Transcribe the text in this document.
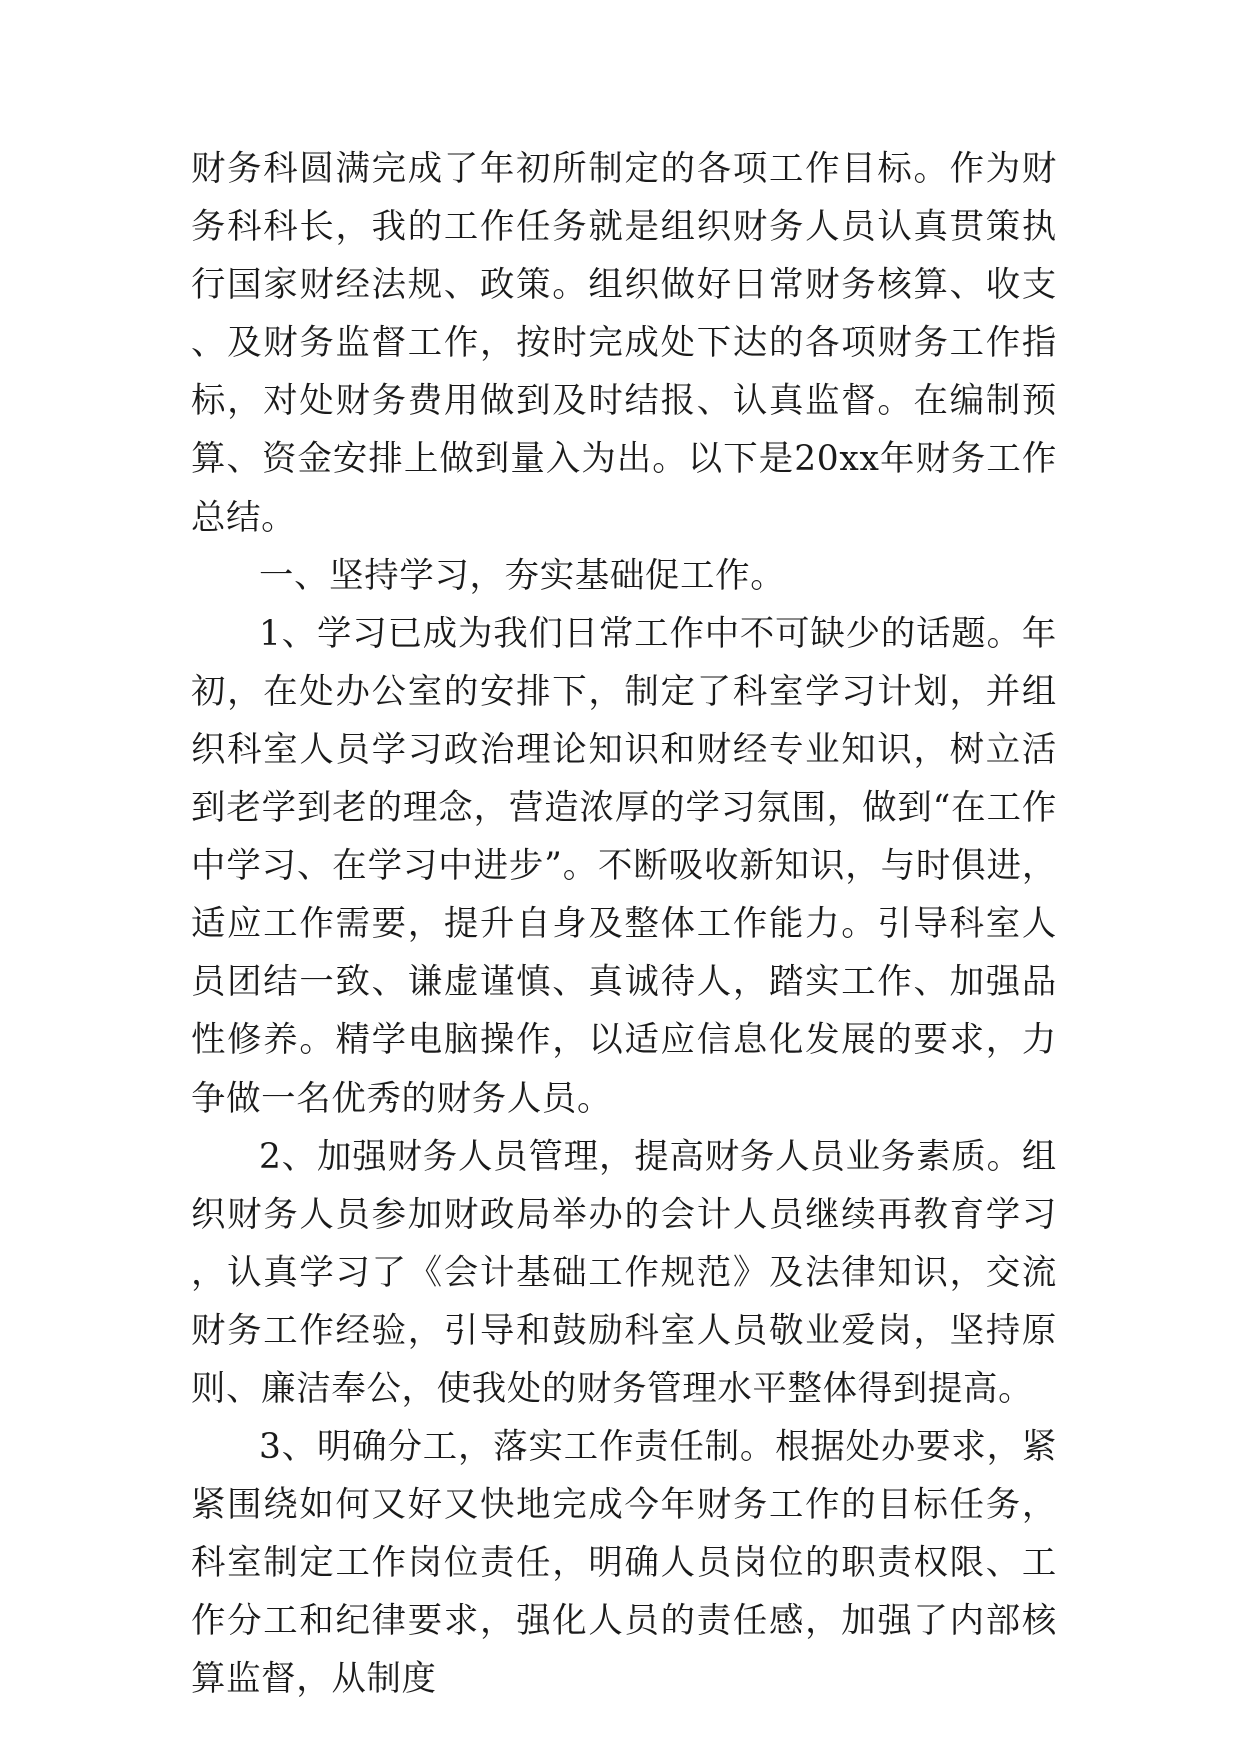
财务科圆满完成了年初所制定的各项工作目标。作为财务科科长，我的工作任务就是组织财务人员认真贯策执行国家财经法规、政策。组织做好日常财务核算、收支、及财务监督工作，按时完成处下达的各项财务工作指标，对处财务费用做到及时结报、认真监督。在编制预算、资金安排上做到量入为出。以下是20xx年财务工作总结。

一、坚持学习，夯实基础促工作。

1、学习已成为我们日常工作中不可缺少的话题。年初，在处办公室的安排下，制定了科室学习计划，并组织科室人员学习政治理论知识和财经专业知识，树立活到老学到老的理念，营造浓厚的学习氛围，做到“在工作中学习、在学习中进步”。不断吸收新知识，与时俱进，适应工作需要，提升自身及整体工作能力。引导科室人员团结一致、谦虚谨慎、真诚待人，踏实工作、加强品性修养。精学电脑操作，以适应信息化发展的要求，力争做一名优秀的财务人员。

2、加强财务人员管理，提高财务人员业务素质。组织财务人员参加财政局举办的会计人员继续再教育学习，认真学习了《会计基础工作规范》及法律知识，交流财务工作经验，引导和鼓励科室人员敬业爱岗，坚持原则、廉洁奉公，使我处的财务管理水平整体得到提高。

3、明确分工，落实工作责任制。根据处办要求，紧紧围绕如何又好又快地完成今年财务工作的目标任务，科室制定工作岗位责任，明确人员岗位的职责权限、工作分工和纪律要求，强化人员的责任感，加强了内部核算监督，从制度
